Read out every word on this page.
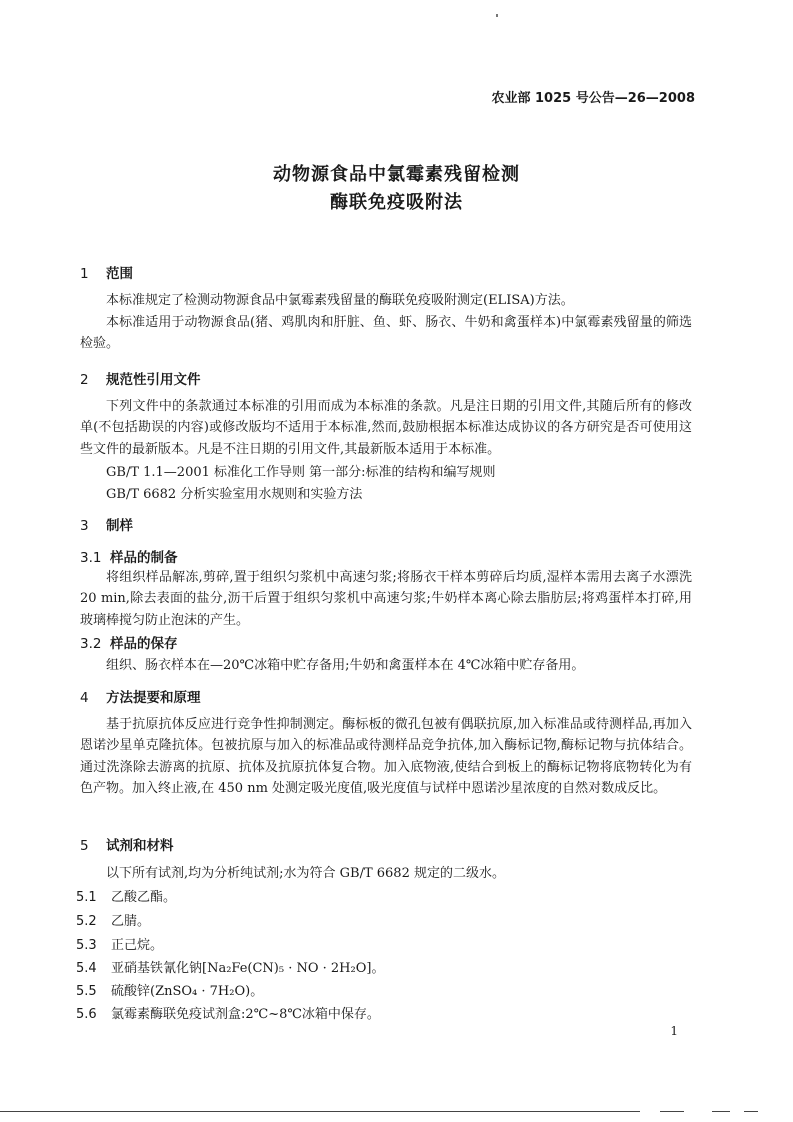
农业部 1025 号公告—26—2008
动物源食品中氯霉素残留检测
酶联免疫吸附法
1 范围
本标准规定了检测动物源食品中氯霉素残留量的酶联免疫吸附测定(ELISA)方法。
本标准适用于动物源食品(猪、鸡肌肉和肝脏、鱼、虾、肠衣、牛奶和禽蛋样本)中氯霉素残留量的筛选检验。
2 规范性引用文件
下列文件中的条款通过本标准的引用而成为本标准的条款。凡是注日期的引用文件,其随后所有的修改单(不包括勘误的内容)或修改版均不适用于本标准,然而,鼓励根据本标准达成协议的各方研究是否可使用这些文件的最新版本。凡是不注日期的引用文件,其最新版本适用于本标准。
GB/T 1.1—2001 标准化工作导则 第一部分:标准的结构和编写规则
GB/T 6682 分析实验室用水规则和实验方法
3 制样
3.1 样品的制备
将组织样品解冻,剪碎,置于组织匀浆机中高速匀浆;将肠衣干样本剪碎后均质,湿样本需用去离子水漂洗 20 min,除去表面的盐分,沥干后置于组织匀浆机中高速匀浆;牛奶样本离心除去脂肪层;将鸡蛋样本打碎,用玻璃棒搅匀防止泡沫的产生。
3.2 样品的保存
组织、肠衣样本在—20℃冰箱中贮存备用;牛奶和禽蛋样本在 4℃冰箱中贮存备用。
4 方法提要和原理
基于抗原抗体反应进行竞争性抑制测定。酶标板的微孔包被有偶联抗原,加入标准品或待测样品,再加入恩诺沙星单克隆抗体。包被抗原与加入的标准品或待测样品竞争抗体,加入酶标记物,酶标记物与抗体结合。通过洗涤除去游离的抗原、抗体及抗原抗体复合物。加入底物液,使结合到板上的酶标记物将底物转化为有色产物。加入终止液,在 450 nm 处测定吸光度值,吸光度值与试样中恩诺沙星浓度的自然对数成反比。
5 试剂和材料
以下所有试剂,均为分析纯试剂;水为符合 GB/T 6682 规定的二级水。
5.1 乙酸乙酯。
5.2 乙腈。
5.3 正己烷。
5.4 亚硝基铁氰化钠[Na₂Fe(CN)₅ · NO · 2H₂O]。
5.5 硫酸锌(ZnSO₄ · 7H₂O)。
5.6 氯霉素酶联免疫试剂盒:2℃~8℃冰箱中保存。
1
